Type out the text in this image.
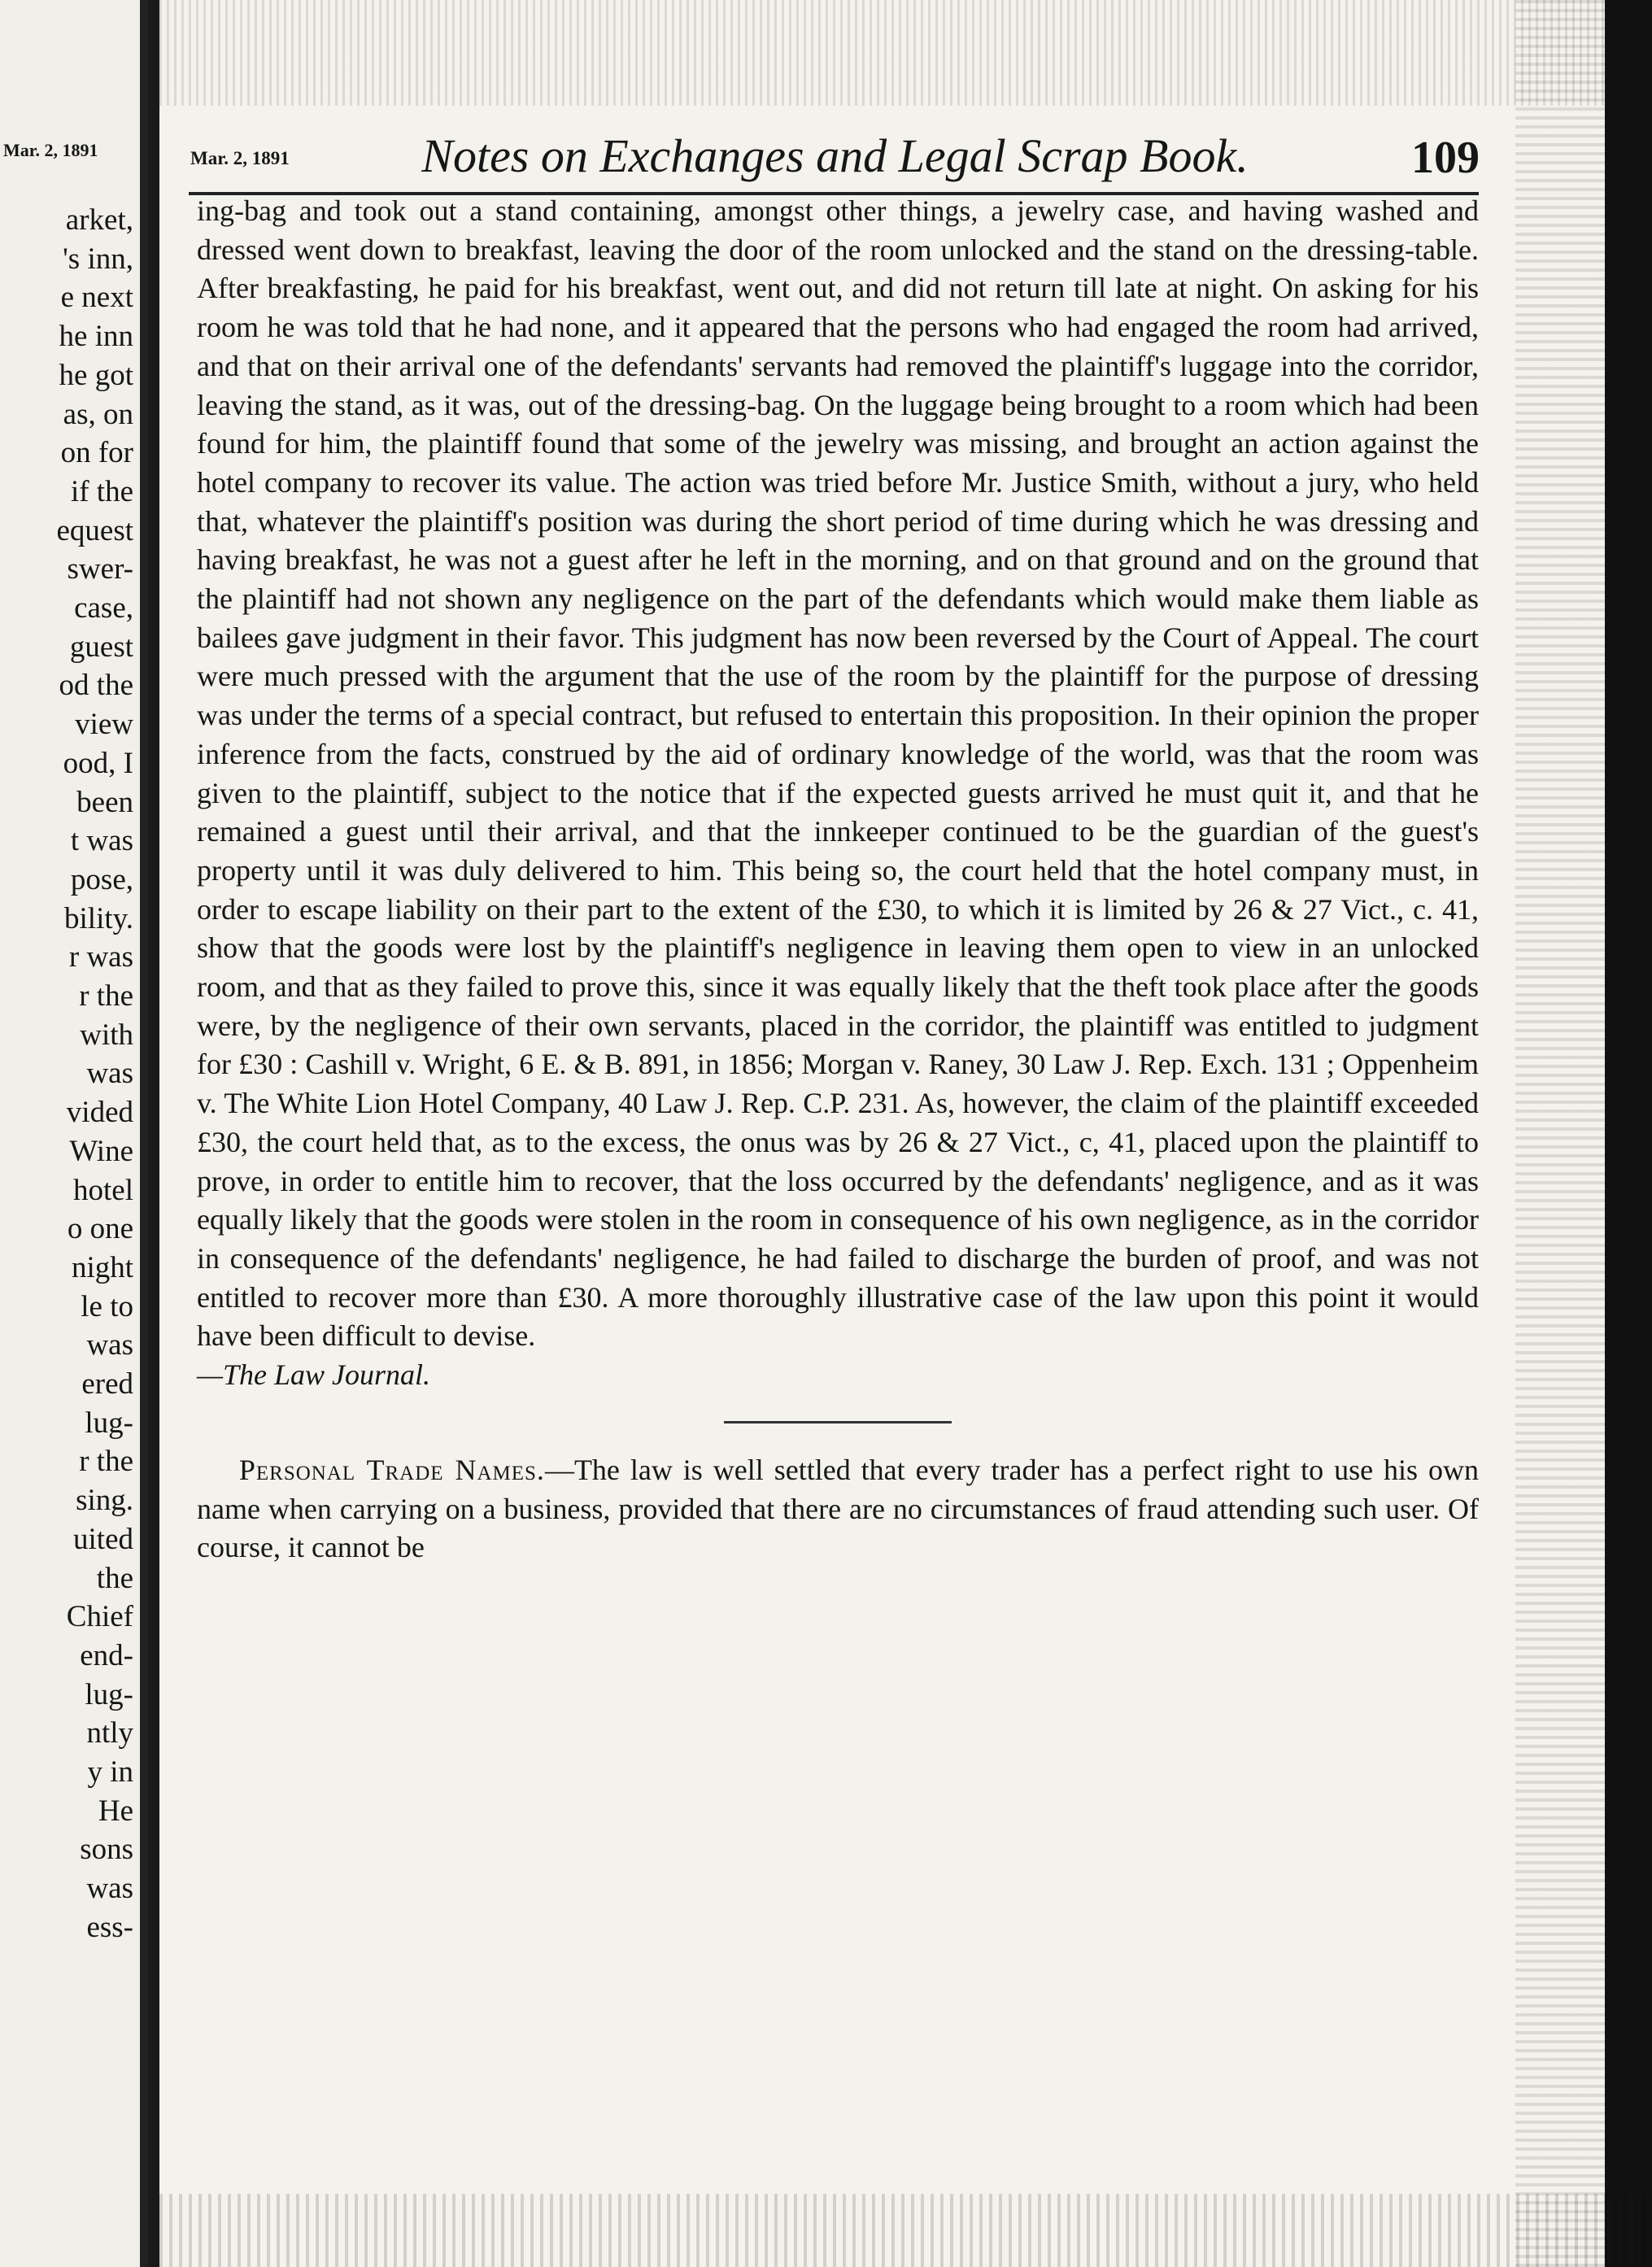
Mar. 2, 1891
arket,
's inn,
e next
he inn
he got
as, on
on for
if the
equest
swer-
case,
guest
od the
view
ood, I
been
t was
pose,
bility.
r was
r the
with
was
vided
Wine
hotel
o one
night
le to
was
ered
lug-
r the
sing.
uited
the
Chief
end-
lug-
ntly
y in
He
sons
was
ess-
Mar. 2, 1891	Notes on Exchanges and Legal Scrap Book.	109

ing-bag and took out a stand containing, amongst other things, a jewelry case, and having washed and dressed went down to breakfast, leaving the door of the room unlocked and the stand on the dressing-table. After breakfasting, he paid for his breakfast, went out, and did not return till late at night. On asking for his room he was told that he had none, and it appeared that the persons who had engaged the room had arrived, and that on their arrival one of the defendants' servants had removed the plaintiff's luggage into the corridor, leaving the stand, as it was, out of the dressing-bag. On the luggage being brought to a room which had been found for him, the plaintiff found that some of the jewelry was missing, and brought an action against the hotel company to recover its value. The action was tried before Mr. Justice Smith, without a jury, who held that, whatever the plaintiff's position was during the short period of time during which he was dressing and having breakfast, he was not a guest after he left in the morning, and on that ground and on the ground that the plaintiff had not shown any negligence on the part of the defendants which would make them liable as bailees gave judgment in their favor. This judgment has now been reversed by the Court of Appeal. The court were much pressed with the argument that the use of the room by the plaintiff for the purpose of dressing was under the terms of a special contract, but refused to entertain this proposition. In their opinion the proper inference from the facts, construed by the aid of ordinary knowledge of the world, was that the room was given to the plaintiff, subject to the notice that if the expected guests arrived he must quit it, and that he remained a guest until their arrival, and that the innkeeper continued to be the guardian of the guest's property until it was duly delivered to him. This being so, the court held that the hotel company must, in order to escape liability on their part to the extent of the £30, to which it is limited by 26 & 27 Vict., c. 41, show that the goods were lost by the plaintiff's negligence in leaving them open to view in an unlocked room, and that as they failed to prove this, since it was equally likely that the theft took place after the goods were, by the negligence of their own servants, placed in the corridor, the plaintiff was entitled to judgment for £30 : Cashill v. Wright, 6 E. & B. 891, in 1856; Morgan v. Raney, 30 Law J. Rep. Exch. 131 ; Oppenheim v. The White Lion Hotel Company, 40 Law J. Rep. C.P. 231. As, however, the claim of the plaintiff exceeded £30, the court held that, as to the excess, the onus was by 26 & 27 Vict., c, 41, placed upon the plaintiff to prove, in order to entitle him to recover, that the loss occurred by the defendants' negligence, and as it was equally likely that the goods were stolen in the room in consequence of his own negligence, as in the corridor in consequence of the defendants' negligence, he had failed to discharge the burden of proof, and was not entitled to recover more than £30. A more thoroughly illustrative case of the law upon this point it would have been difficult to devise.

—The Law Journal.

Personal Trade Names.—The law is well settled that every trader has a perfect right to use his own name when carrying on a business, provided that there are no circumstances of fraud attending such user. Of course, it cannot be
